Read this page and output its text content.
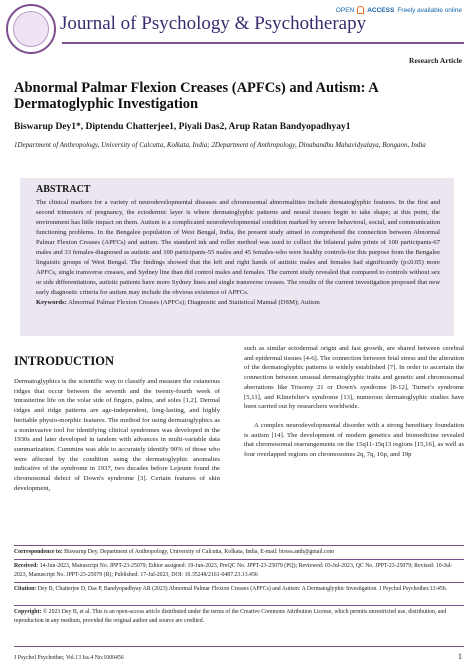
Journal of Psychology & Psychotherapy
OPEN ACCESS Freely available online
Research Article
Abnormal Palmar Flexion Creases (APFCs) and Autism: A Dermatoglyphic Investigation
Biswarup Dey1*, Diptendu Chatterjee1, Piyali Das2, Arup Ratan Bandyopadhyay1
1Department of Anthropology, University of Calcutta, Kolkata, India; 2Department of Anthropology, Dinabandhu Mahavidyalaya, Bongaon, India
ABSTRACT
The clinical markers for a variety of neurodevelopmental diseases and chromosomal abnormalities include dermatoglyphic features. In the first and second trimesters of pregnancy, the ectodermic layer is where dermatoglyphic patterns and neural tissues begin to take shape; at this point, the environment has little impact on them. Autism is a complicated neurodevelopmental condition marked by severe behavioral, social, and communication functioning problems. In the Bengalee population of West Bengal, India, the present study aimed to comprehend the connection between Abnormal Palmar Flexion Creases (APFCs) and autism. The standard ink and roller method was used to collect the bilateral palm prints of 100 participants-67 males and 33 females-diagnosed as autistic and 100 participants-55 males and 45 females-who were healthy controls-for this purpose from the Bengalee linguistic groups of West Bengal. The findings showed that the left and right hands of autistic males and females had significantly (p≤0.05) more APFCs, single transverse creases, and Sydney line than did control males and females. The current study revealed that compared to controls without sex or side differentiations, autistic patients have more Sydney lines and single transverse creases. The results of the current investigation proposed that new early diagnostic criteria for autism may include the obvious existence of APFCs.
Keywords: Abnormal Palmar Flexion Creases (APFCs); Diagnostic and Statistical Manual (DSM); Autism
INTRODUCTION
Dermatoglyphics is the scientific way to classify and measure the cutaneous ridges that occur between the seventh and the twenty-fourth week of intrauterine life on the volar side of fingers, palms, and soles [1,2]. Dermal ridges and ridge patterns are age-independent, long-lasting, and highly heritable physio-morphic features. The method for using dermatoglyphics as a noninvasive tool for identifying clinical syndromes was developed in the 1930s and later developed in tandem with advances in multi-variable data summarization. Cummins was able to accurately identify 90% of those who were affected by the condition using the dermatoglyphic anomalies indicative of the syndrome in 1937, two decades before Lejeune found the chromosomal defect of Down's syndrome [3]. Certain features of skin development,

such as similar ectodermal origin and fast growth, are shared between cerebral and epidermal tissues [4-6]. The connection between fetal stress and the alteration of the dermatoglyphic patterns is widely established [7]. In order to ascertain the connection between unusual dermatoglyphic traits and genetic and chromosomal aberrations like Trisomy 21 or Down's syndrome [8-12], Turner's syndrome [5,11], and Klinefelter's syndrome [13], numerous dermatoglyphic studies have been carried out by researchers worldwide.

A complex neurodevelopmental disorder with a strong hereditary foundation is autism [14]. The development of modern genetics and biomedicine revealed that chromosomal rearrangements on the 15q11-15q13 regions [15,16], as well as four overlapped regions on chromosomes 2q, 7q, 16p, and 19p

Correspondence to: Biswarup Dey, Department of Anthropology, University of Calcutta, Kolkata, India, E-mail: biswa.anth@gmail.com
Received: 14-Jun-2023, Manuscript No. JPPT-23-25079; Editor assigned: 19-Jun-2023, PreQC No. JPPT-23-25079 (PQ); Reviewed: 03-Jul-2023, QC No. JPPT-23-25079; Revised: 10-Jul-2023, Manuscript No. JPPT-23-25079 (R); Published: 17-Jul-2023, DOI: 10.35248/2161-0487.23.13.456
Citation: Dey B, Chatterjee D, Das P, Bandyopadhyay AR (2023) Abnormal Palmar Flexion Creases (APFCs) and Autism: A Dermatoglyphic Investigation. J Psychol Psychother.13:456.
Copyright: © 2023 Dey B, et al. This is an open-access article distributed under the terms of the Creative Commons Attribution License, which permits unrestricted use, distribution, and reproduction in any medium, provided the original author and source are credited.
J Psychol Psychother, Vol.13 Iss.4 No:1000456	1
